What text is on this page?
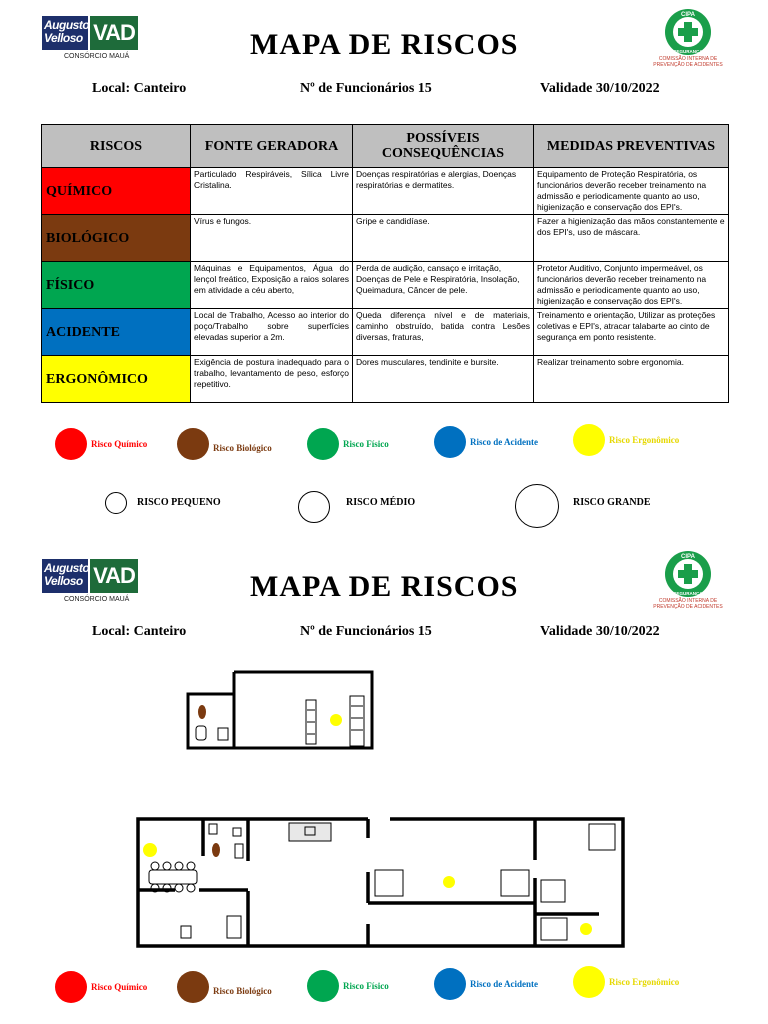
Augusto
Velloso VAD
CONSÓRCIO MAUÁ	MAPA DE RISCOS
CIPA
SEGURANÇA
COMISSÃO INTERNA DE
PREVENÇÃO DE ACIDENTES
Local: Canteiro	Nº de Funcionários 15	Validade 30/10/2022
RISCOS	FONTE GERADORA	POSSÍVEIS CONSEQUÊNCIAS	MEDIDAS PREVENTIVAS
QUÍMICO	Particulado Respiráveis, Sílica Livre Cristalina.	Doenças respiratórias e alergias, Doenças respiratórias e dermatites.	Equipamento de Proteção Respiratória, os funcionários deverão receber treinamento na admissão e periodicamente quanto ao uso, higienização e conservação dos EPI's.
BIOLÓGICO	Vírus e fungos.	Gripe e candidíase.	Fazer a higienização das mãos constantemente e dos EPI's, uso de máscara.
FÍSICO	Máquinas e Equipamentos, Água do lençol freático, Exposição a raios solares em atividade a céu aberto,	Perda de audição, cansaço e irritação, Doenças de Pele e Respiratória, Insolação, Queimadura, Câncer de pele.	Protetor Auditivo, Conjunto impermeável, os funcionários deverão receber treinamento na admissão e periodicamente quanto ao uso, higienização e conservação dos EPI's.
ACIDENTE	Local de Trabalho, Acesso ao interior do poço/Trabalho sobre superfícies elevadas superior a 2m.	Queda diferença nível e de materiais, caminho obstruído, batida contra Lesões diversas, fraturas,	Treinamento e orientação, Utilizar as proteções coletivas e EPI's, atracar talabarte ao cinto de segurança em ponto resistente.
ERGONÔMICO	Exigência de postura inadequado para o trabalho, levantamento de peso, esforço repetitivo.	Dores musculares, tendinite e bursite.	Realizar treinamento sobre ergonomia.
Risco Químico	Risco Biológico	Risco Físico	Risco de Acidente	Risco Ergonômico
RISCO PEQUENO	RISCO MÉDIO	RISCO GRANDE
Augusto
Velloso VAD
CONSÓRCIO MAUÁ	MAPA DE RISCOS
CIPA
SEGURANÇA
COMISSÃO INTERNA DE
PREVENÇÃO DE ACIDENTES
Local: Canteiro	Nº de Funcionários 15	Validade 30/10/2022
Risco Químico	Risco Biológico	Risco Físico	Risco de Acidente	Risco Ergonômico
